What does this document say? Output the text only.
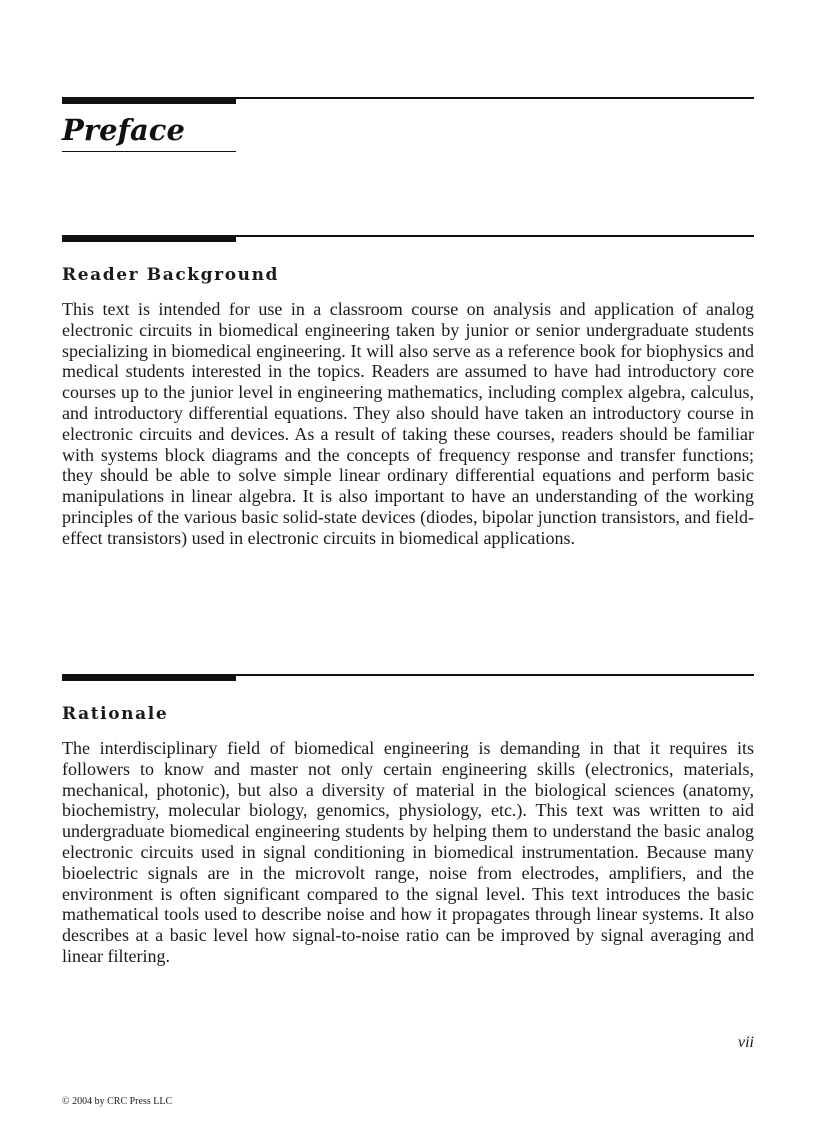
Preface
Reader Background

This text is intended for use in a classroom course on analysis and application of analog electronic circuits in biomedical engineering taken by junior or senior undergraduate students specializing in biomedical engineering. It will also serve as a reference book for biophysics and medical students interested in the topics. Readers are assumed to have had introductory core courses up to the junior level in engineering mathematics, including complex algebra, calculus, and introductory differential equations. They also should have taken an introductory course in electronic circuits and devices. As a result of taking these courses, readers should be familiar with systems block diagrams and the concepts of frequency response and transfer functions; they should be able to solve simple linear ordinary differential equations and perform basic manipulations in linear algebra. It is also important to have an understanding of the working principles of the various basic solid-state devices (diodes, bipolar junction transistors, and field-effect transistors) used in electronic circuits in biomedical applications.

Rationale

The interdisciplinary field of biomedical engineering is demanding in that it requires its followers to know and master not only certain engineering skills (electronics, materials, mechanical, photonic), but also a diversity of material in the biological sciences (anatomy, biochemistry, molecular biology, genomics, physiology, etc.). This text was written to aid undergraduate biomedical engineering students by helping them to understand the basic analog electronic circuits used in signal conditioning in biomedical instrumentation. Because many bioelectric signals are in the microvolt range, noise from electrodes, amplifiers, and the environment is often significant compared to the signal level. This text introduces the basic mathematical tools used to describe noise and how it propagates through linear systems. It also describes at a basic level how signal-to-noise ratio can be improved by signal averaging and linear filtering.

vii
© 2004 by CRC Press LLC
